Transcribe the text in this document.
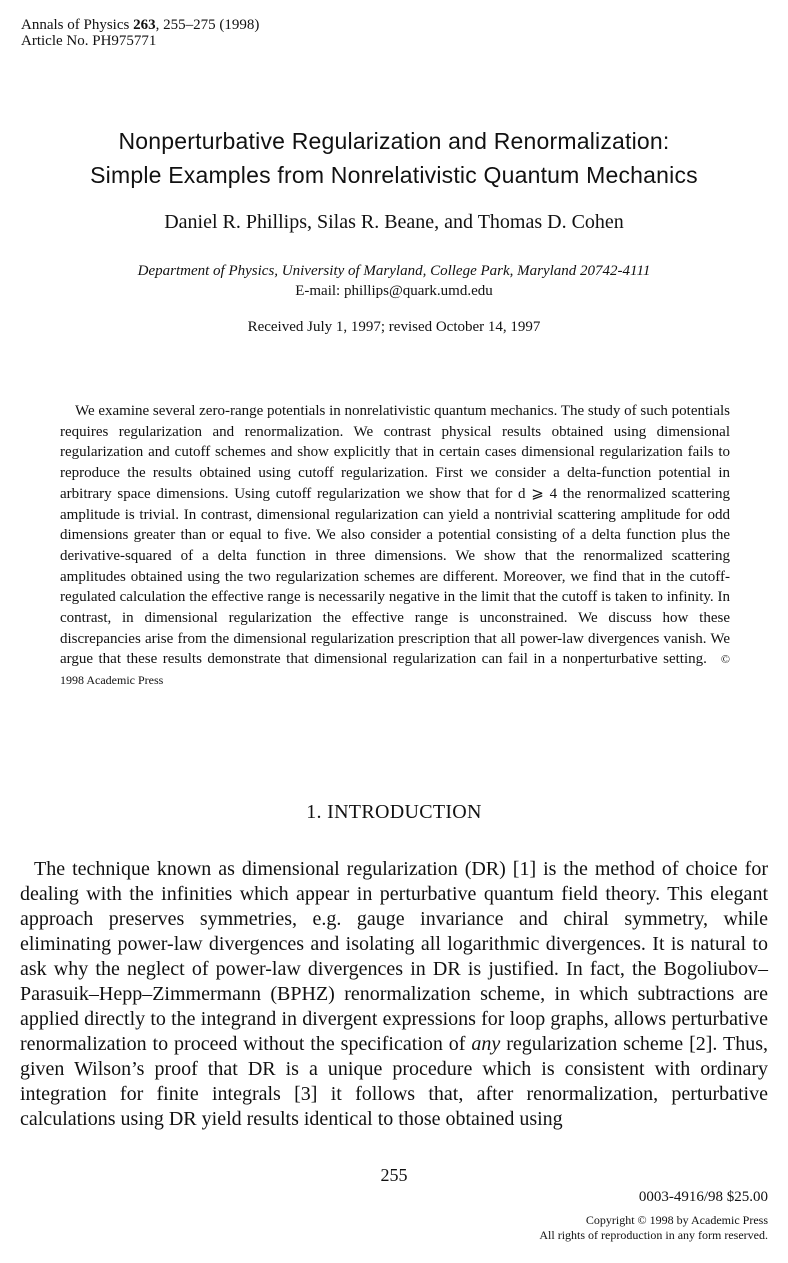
Annals of Physics 263, 255–275 (1998)
Article No. PH975771
Nonperturbative Regularization and Renormalization:
Simple Examples from Nonrelativistic Quantum Mechanics
Daniel R. Phillips, Silas R. Beane, and Thomas D. Cohen
Department of Physics, University of Maryland, College Park, Maryland 20742-4111
E-mail: phillips@quark.umd.edu
Received July 1, 1997; revised October 14, 1997

We examine several zero-range potentials in nonrelativistic quantum mechanics. The study of such potentials requires regularization and renormalization. We contrast physical results obtained using dimensional regularization and cutoff schemes and show explicitly that in certain cases dimensional regularization fails to reproduce the results obtained using cutoff regularization. First we consider a delta-function potential in arbitrary space dimensions. Using cutoff regularization we show that for d ⩾ 4 the renormalized scattering amplitude is trivial. In contrast, dimensional regularization can yield a nontrivial scattering amplitude for odd dimensions greater than or equal to five. We also consider a potential consisting of a delta function plus the derivative-squared of a delta function in three dimensions. We show that the renormalized scattering amplitudes obtained using the two regularization schemes are different. Moreover, we find that in the cutoff-regulated calculation the effective range is necessarily negative in the limit that the cutoff is taken to infinity. In contrast, in dimensional regularization the effective range is unconstrained. We discuss how these discrepancies arise from the dimensional regularization prescription that all power-law divergences vanish. We argue that these results demonstrate that dimensional regularization can fail in a nonperturbative setting. © 1998 Academic Press

1. INTRODUCTION

The technique known as dimensional regularization (DR) [1] is the method of choice for dealing with the infinities which appear in perturbative quantum field theory. This elegant approach preserves symmetries, e.g. gauge invariance and chiral symmetry, while eliminating power-law divergences and isolating all logarithmic divergences. It is natural to ask why the neglect of power-law divergences in DR is justified. In fact, the Bogoliubov–Parasuik–Hepp–Zimmermann (BPHZ) renormalization scheme, in which subtractions are applied directly to the integrand in divergent expressions for loop graphs, allows perturbative renormalization to proceed without the specification of any regularization scheme [2]. Thus, given Wilson’s proof that DR is a unique procedure which is consistent with ordinary integration for finite integrals [3] it follows that, after renormalization, perturbative calculations using DR yield results identical to those obtained using

255
0003-4916/98 $25.00
Copyright © 1998 by Academic Press
All rights of reproduction in any form reserved.
